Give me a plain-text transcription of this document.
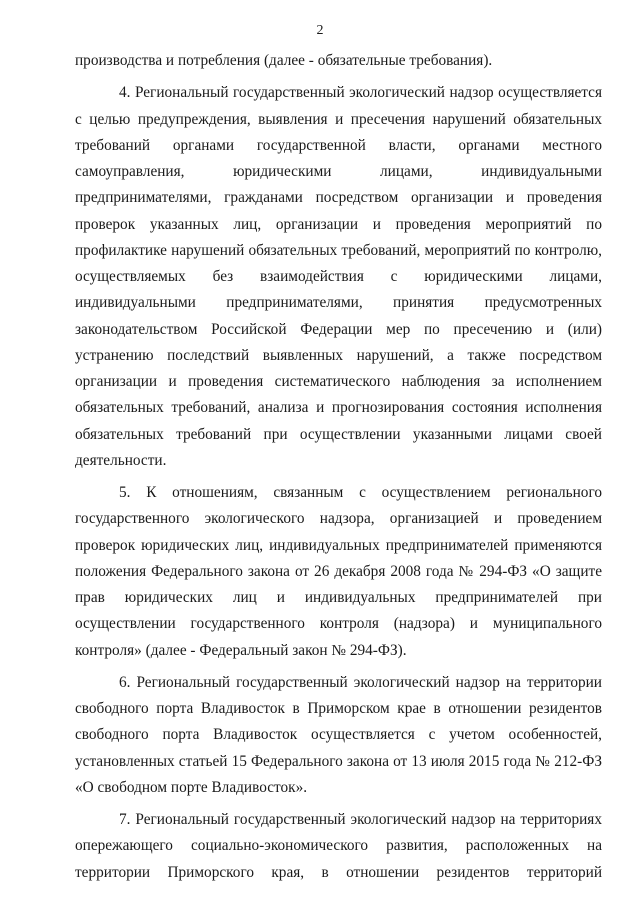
2

производства и потребления (далее - обязательные требования).

4. Региональный государственный экологический надзор осуществляется с целью предупреждения, выявления и пресечения нарушений обязательных требований органами государственной власти, органами местного самоуправления, юридическими лицами, индивидуальными предпринимателями, гражданами посредством организации и проведения проверок указанных лиц, организации и проведения мероприятий по профилактике нарушений обязательных требований, мероприятий по контролю, осуществляемых без взаимодействия с юридическими лицами, индивидуальными предпринимателями, принятия предусмотренных законодательством Российской Федерации мер по пресечению и (или) устранению последствий выявленных нарушений, а также посредством организации и проведения систематического наблюдения за исполнением обязательных требований, анализа и прогнозирования состояния исполнения обязательных требований при осуществлении указанными лицами своей деятельности.

5. К отношениям, связанным с осуществлением регионального государственного экологического надзора, организацией и проведением проверок юридических лиц, индивидуальных предпринимателей применяются положения Федерального закона от 26 декабря 2008 года № 294-ФЗ «О защите прав юридических лиц и индивидуальных предпринимателей при осуществлении государственного контроля (надзора) и муниципального контроля» (далее - Федеральный закон № 294-ФЗ).

6. Региональный государственный экологический надзор на территории свободного порта Владивосток в Приморском крае в отношении резидентов свободного порта Владивосток осуществляется с учетом особенностей, установленных статьей 15 Федерального закона от 13 июля 2015 года № 212-ФЗ «О свободном порте Владивосток».

7. Региональный государственный экологический надзор на территориях опережающего социально-экономического развития, расположенных на территории Приморского края, в отношении резидентов территорий
